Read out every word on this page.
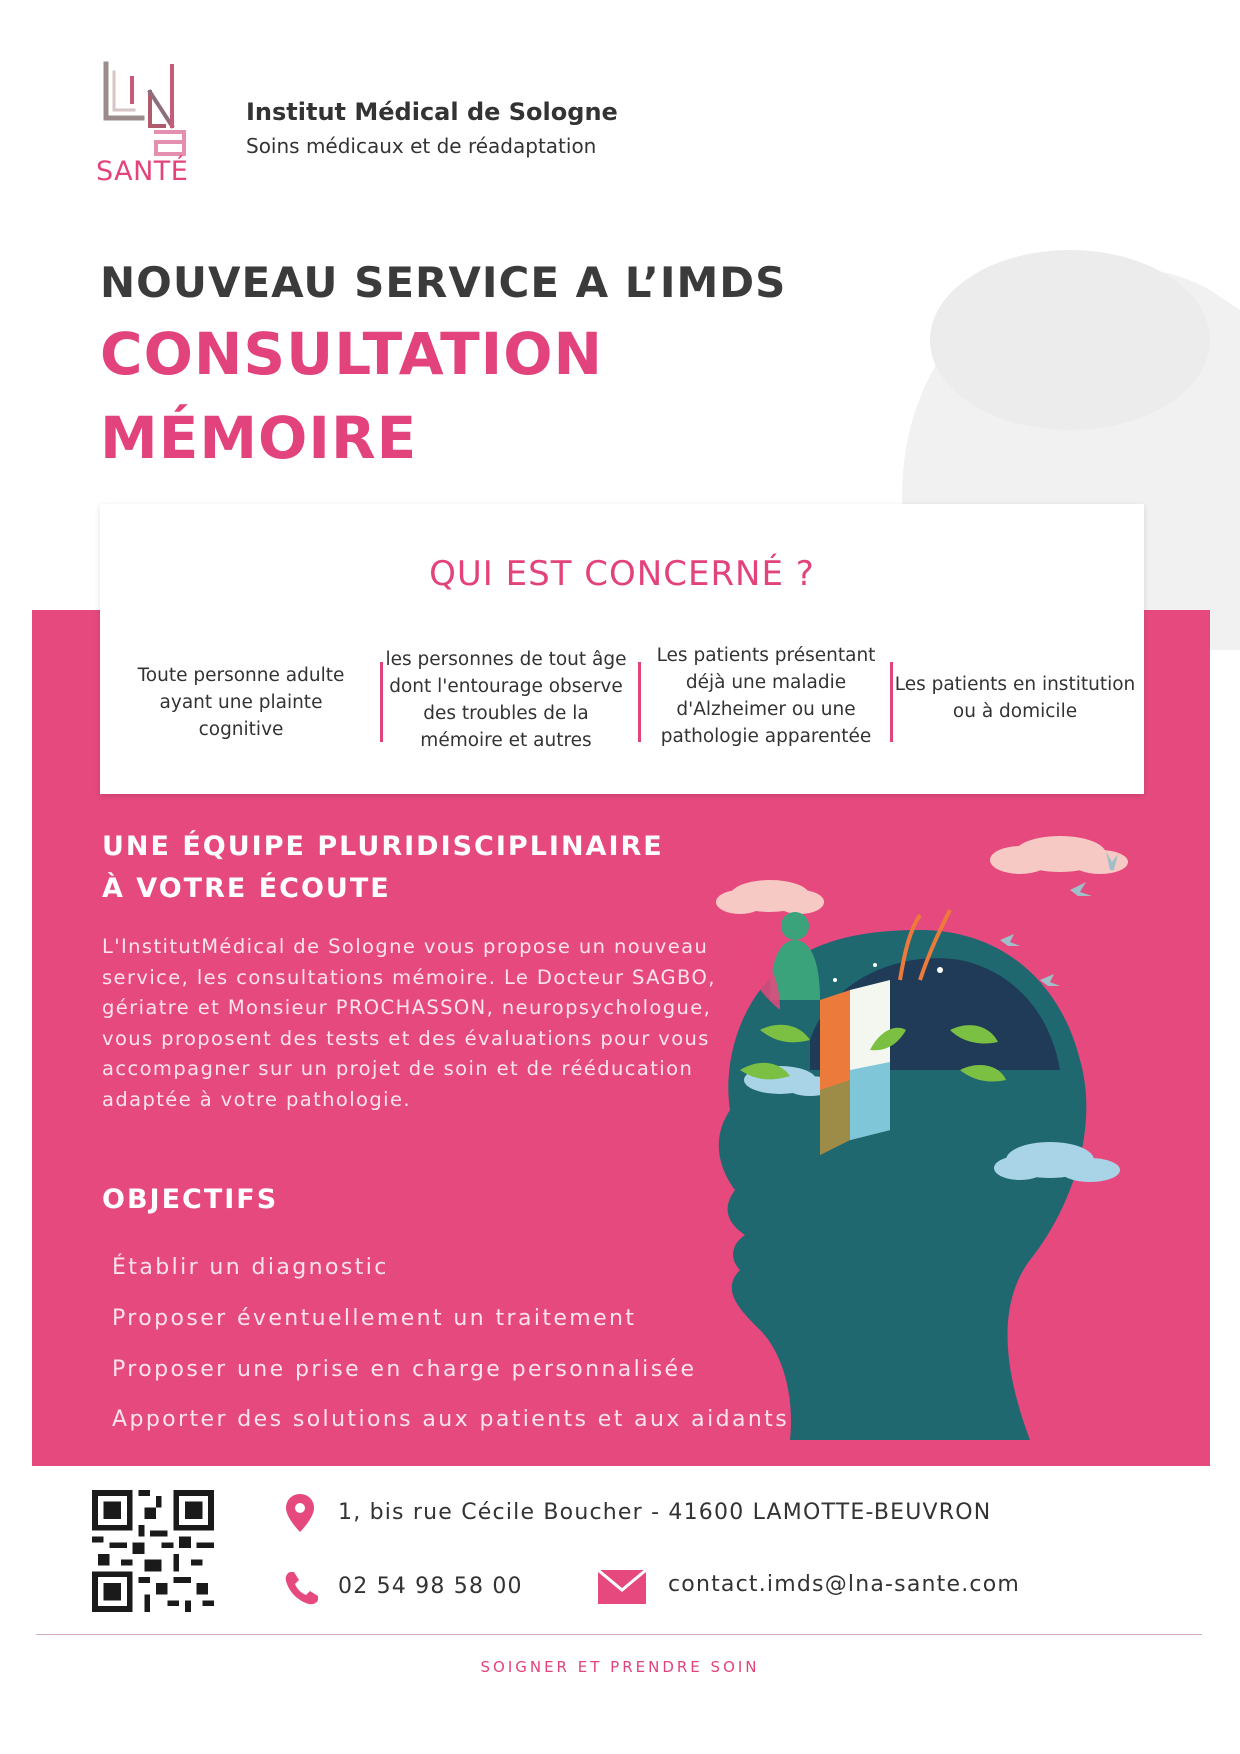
SANTÉ
Institut Médical de Sologne
Soins médicaux et de réadaptation
NOUVEAU SERVICE A L’IMDS
CONSULTATION
MÉMOIRE
QUI EST CONCERNÉ ?
Toute personne adulte ayant une plainte cognitive
les personnes de tout âge dont l'entourage observe des troubles de la mémoire et autres
Les patients présentant déjà une maladie d'Alzheimer ou une pathologie apparentée
Les patients en institution ou à domicile
UNE ÉQUIPE PLURIDISCIPLINAIRE
À VOTRE ÉCOUTE
L'InstitutMédical de Sologne vous propose un nouveau service, les consultations mémoire. Le Docteur SAGBO, gériatre et Monsieur PROCHASSON, neuropsychologue, vous proposent des tests et des évaluations pour vous accompagner sur un projet de soin et de rééducation adaptée à votre pathologie.
OBJECTIFS
Établir un diagnostic
Proposer éventuellement un traitement
Proposer une prise en charge personnalisée
Apporter des solutions aux patients et aux aidants
1, bis rue Cécile Boucher - 41600 LAMOTTE-BEUVRON
02 54 98 58 00	contact.imds@lna-sante.com
SOIGNER ET PRENDRE SOIN
